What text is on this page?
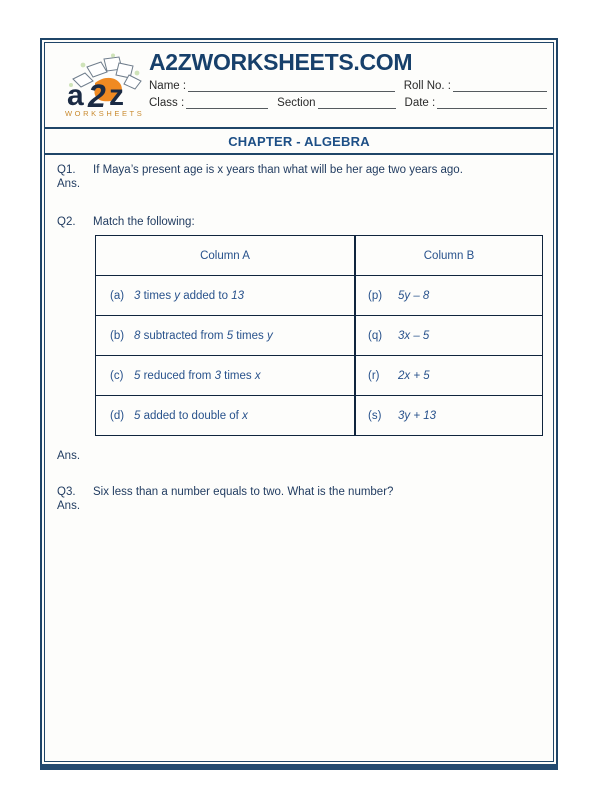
a 2 z
WORKSHEETS
A2ZWORKSHEETS.COM
Name :	Roll No. :
Class :	Section	Date :
CHAPTER - ALGEBRA
Q1.	If Maya’s present age is x years than what will be her age two years ago.
Ans.
Q2.	Match the following:
Column A	Column B

(a) 3 times y added to 13	(p) 5y – 8

(b) 8 subtracted from 5 times y	(q) 3x – 5

(c) 5 reduced from 3 times x	(r) 2x + 5

(d) 5 added to double of x	(s) 3y + 13
Ans.
Q3.	Six less than a number equals to two. What is the number?
Ans.
